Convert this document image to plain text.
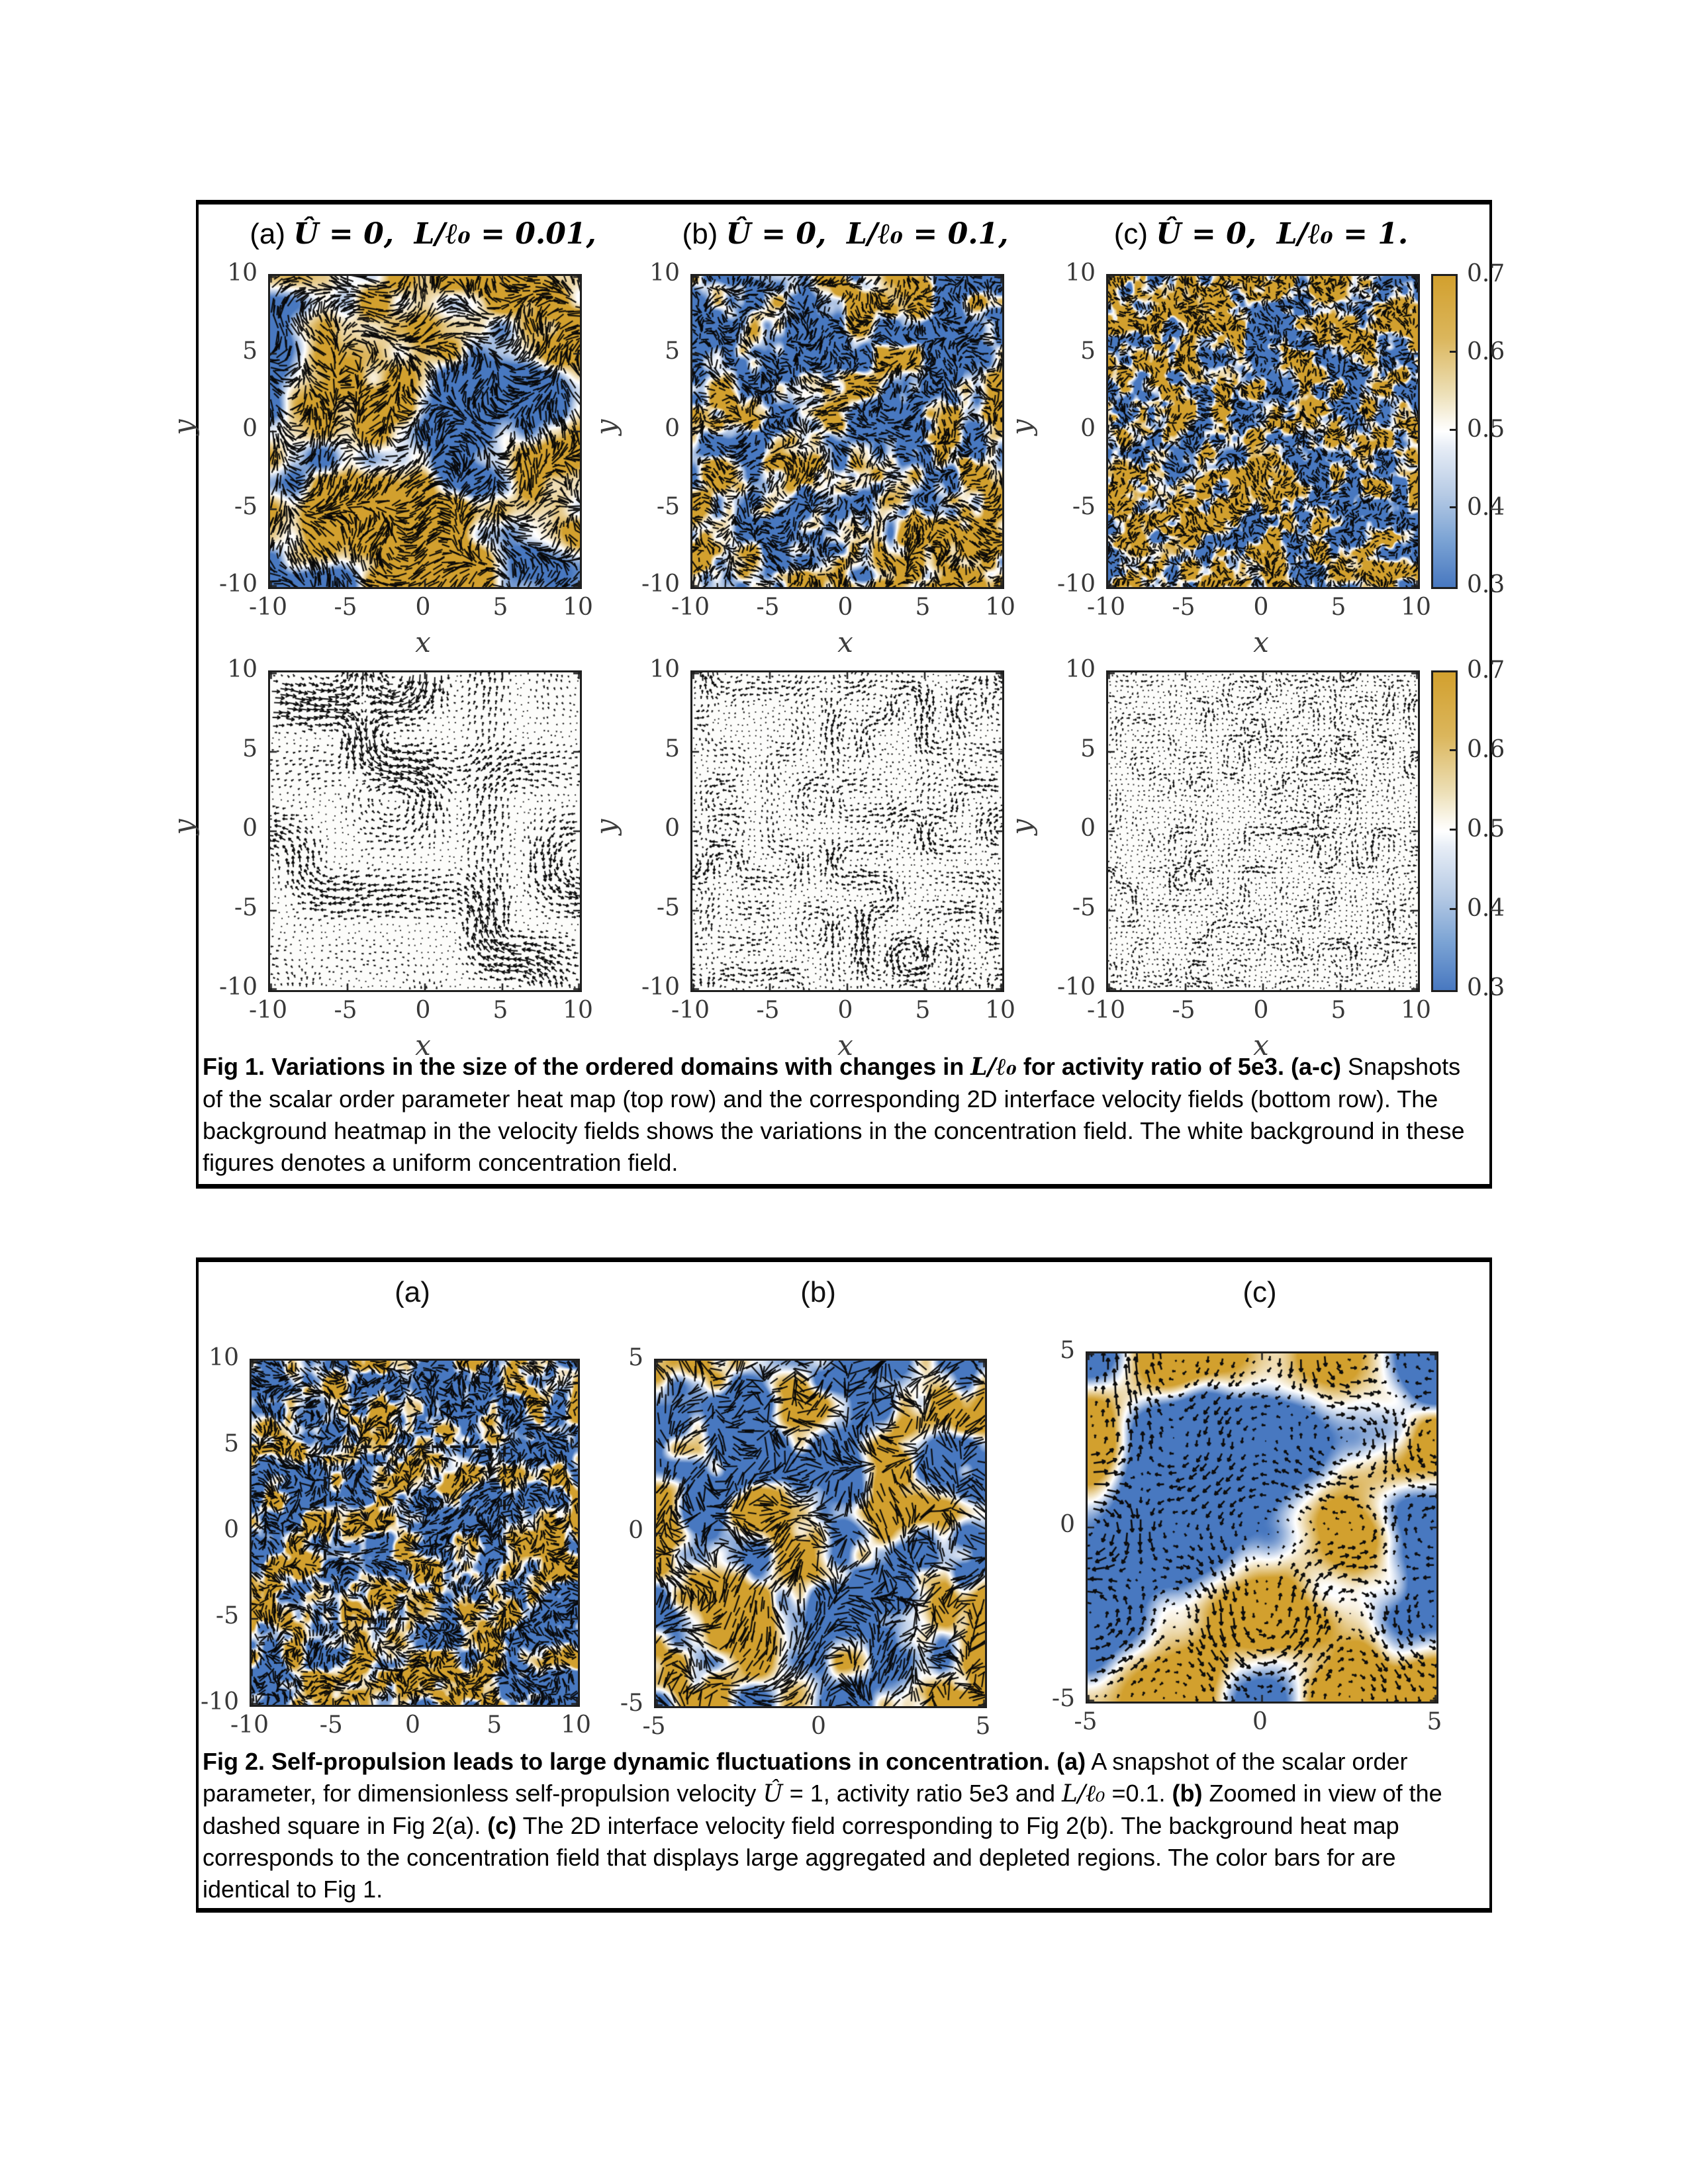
(a) Û = 0,  L/ℓ₀ = 0.01,	(b) Û = 0,  L/ℓ₀ = 0.1,	(c) Û = 0,  L/ℓ₀ = 1.
Fig 1. Variations in the size of the ordered domains with changes in L/ℓ₀ for activity ratio of 5e3. (a-c) Snapshots of the scalar order parameter heat map (top row) and the corresponding 2D interface velocity fields (bottom row). The background heatmap in the velocity fields shows the variations in the concentration field. The white background in these figures denotes a uniform concentration field.
(a)	(b)	(c)
Fig 2. Self-propulsion leads to large dynamic fluctuations in concentration. (a) A snapshot of the scalar order parameter, for dimensionless self-propulsion velocity Û = 1, activity ratio 5e3 and L/ℓ₀ =0.1. (b) Zoomed in view of the dashed square in Fig 2(a). (c) The 2D interface velocity field corresponding to Fig 2(b). The background heat map corresponds to the concentration field that displays large aggregated and depleted regions. The color bars for are identical to Fig 1.
-10	-5	0	5	10
10
5
0
-5
-10
x
y
-10	-5	0	5	10
10
5
0
-5
-10
x
y
-10	-5	0	5	10
10
5
0
-5
-10
x
y
-10	-5	0	5	10
10
5
0
-5
-10
x
y
-10	-5	0	5	10
10
5
0
-5
-10
x
y
-10	-5	0	5	10
10
5
0
-5
-10
x
y
-10	-5	0	5	10
10
5
0
-5
-10
-5	0	5
5
0
-5
-5	0	5
5
0
-5
0.7
0.6
0.5
0.4
0.3
0.7
0.6
0.5
0.4
0.3
